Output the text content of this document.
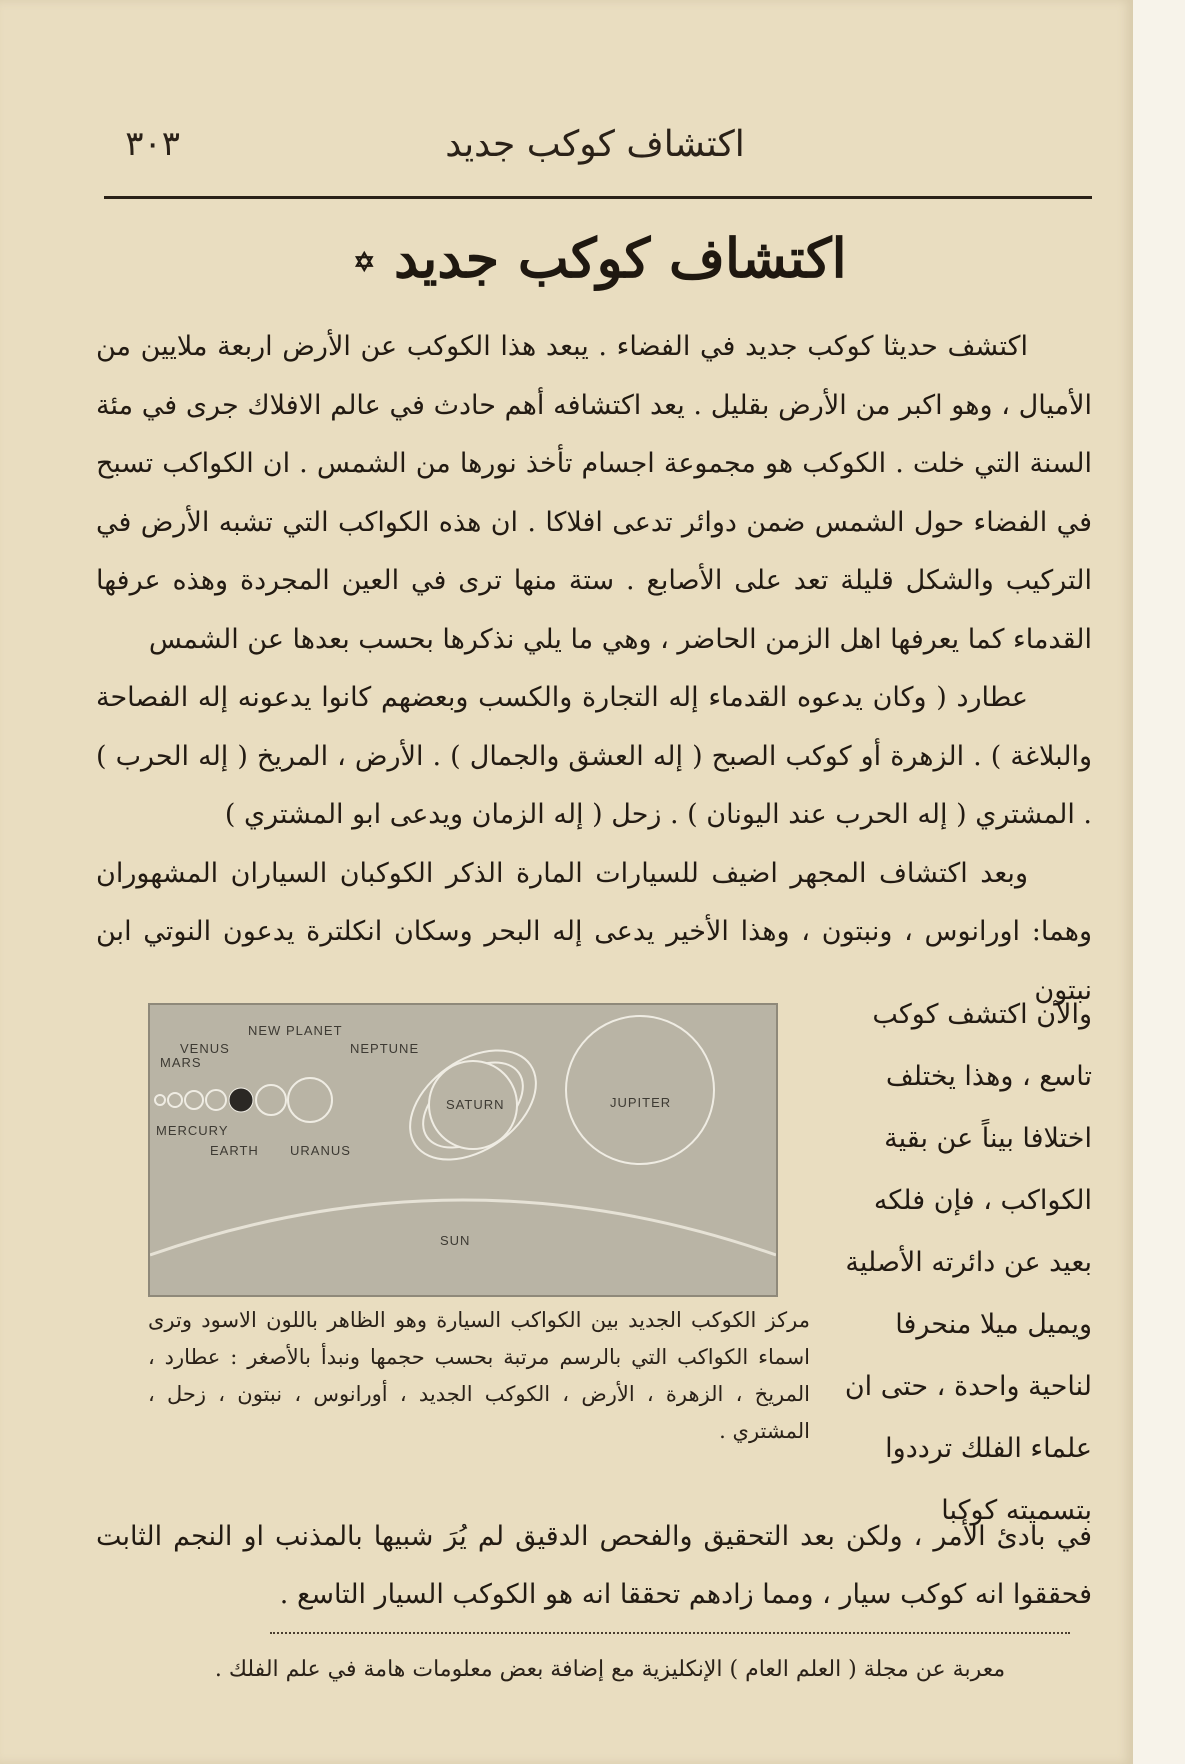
اكتشاف كوكب جديد
٣٠٣
اكتشاف كوكب جديد ✡

اكتشف حديثا كوكب جديد في الفضاء . يبعد هذا الكوكب عن الأرض اربعة ملايين من الأميال ، وهو اكبر من الأرض بقليل . يعد اكتشافه أهم حادث في عالم الافلاك جرى في مئة السنة التي خلت . الكوكب هو مجموعة اجسام تأخذ نورها من الشمس . ان الكواكب تسبح في الفضاء حول الشمس ضمن دوائر تدعى افلاكا . ان هذه الكواكب التي تشبه الأرض في التركيب والشكل قليلة تعد على الأصابع . ستة منها ترى في العين المجردة وهذه عرفها القدماء كما يعرفها اهل الزمن الحاضر ، وهي ما يلي نذكرها بحسب بعدها عن الشمس

عطارد ( وكان يدعوه القدماء إله التجارة والكسب وبعضهم كانوا يدعونه إله الفصاحة والبلاغة ) . الزهرة أو كوكب الصبح ( إله العشق والجمال ) . الأرض ، المريخ ( إله الحرب ) . المشتري ( إله الحرب عند اليونان ) . زحل ( إله الزمان ويدعى ابو المشتري )

وبعد اكتشاف المجهر اضيف للسيارات المارة الذكر الكوكبان السياران المشهوران وهما: اورانوس ، ونبتون ، وهذا الأخير يدعى إله البحر وسكان انكلترة يدعون النوتي ابن نبتون

والآن اكتشف كوكب تاسع ، وهذا يختلف اختلافا بيناً عن بقية الكواكب ، فإن فلكه بعيد عن دائرته الأصلية ويميل ميلا منحرفا لناحية واحدة ، حتى ان علماء الفلك ترددوا بتسميته كوكبا
NEW PLANET
VENUS
MARS
MERCURY
EARTH URANUS
NEPTUNE
SATURN	JUPITER
SUN
مركز الكوكب الجديد بين الكواكب السيارة وهو الظاهر باللون الاسود وترى اسماء الكواكب التي بالرسم مرتبة بحسب حجمها ونبدأ بالأصغر : عطارد ، المريخ ، الزهرة ، الأرض ، الكوكب الجديد ، أورانوس ، نبتون ، زحل ، المشتري .
في بادئ الأمر ، ولكن بعد التحقيق والفحص الدقيق لم يُرَ شبيها بالمذنب او النجم الثابت فحققوا انه كوكب سيار ، ومما زادهم تحققا انه هو الكوكب السيار التاسع .
معربة عن مجلة ( العلم العام ) الإنكليزية مع إضافة بعض معلومات هامة في علم الفلك .
